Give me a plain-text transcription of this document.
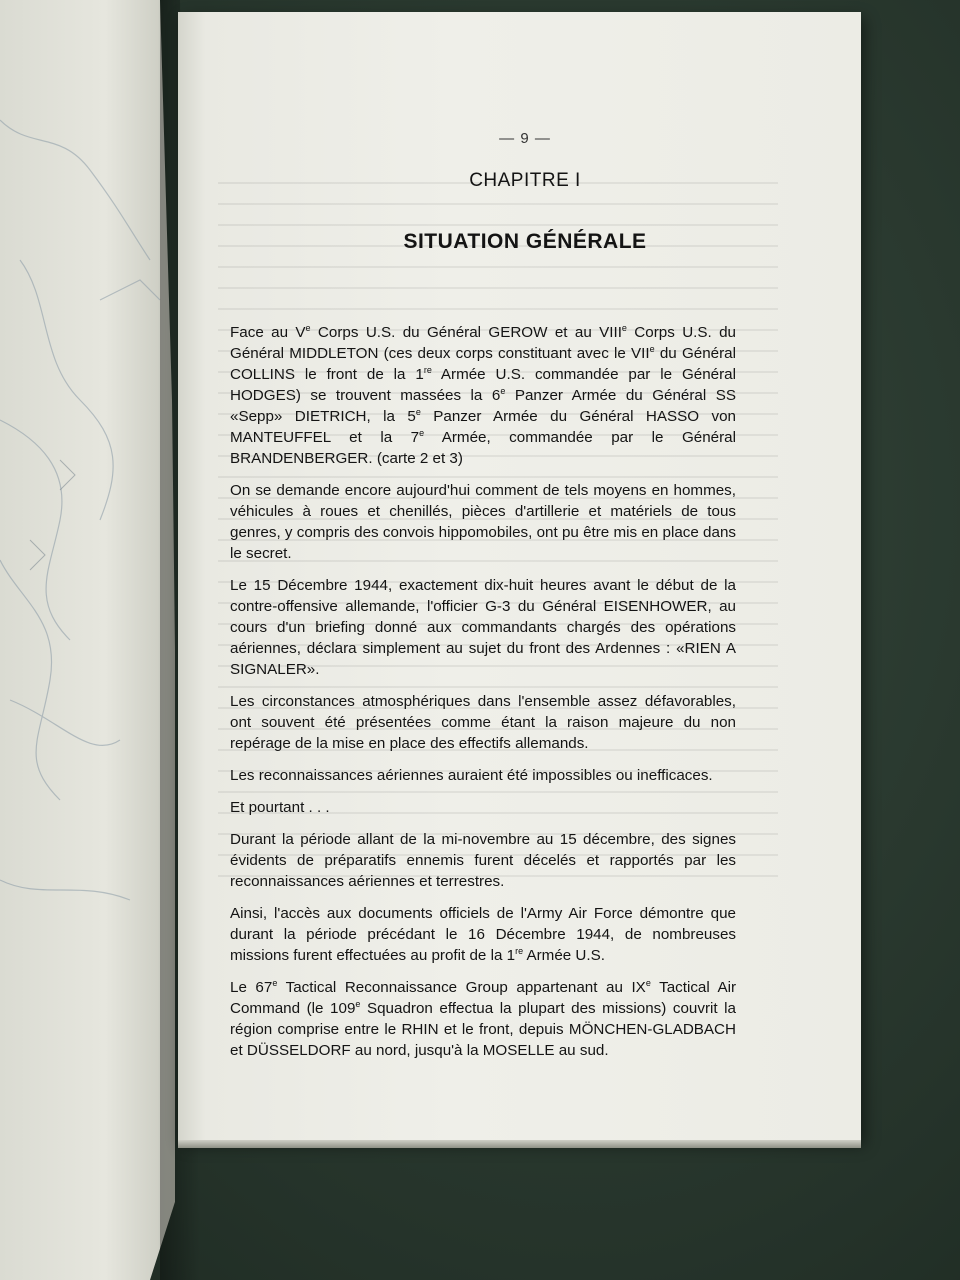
— 9 —
CHAPITRE I
SITUATION GÉNÉRALE

Face au Ve Corps U.S. du Général GEROW et au VIIIe Corps U.S. du Général MIDDLETON (ces deux corps constituant avec le VIIe du Général COLLINS le front de la 1re Armée U.S. commandée par le Général HODGES) se trouvent massées la 6e Panzer Armée du Général SS «Sepp» DIETRICH, la 5e Panzer Armée du Général HASSO von MANTEUFFEL et la 7e Armée, commandée par le Général BRANDENBERGER. (carte 2 et 3)

On se demande encore aujourd'hui comment de tels moyens en hommes, véhicules à roues et chenillés, pièces d'artillerie et matériels de tous genres, y compris des convois hippomobiles, ont pu être mis en place dans le secret.

Le 15 Décembre 1944, exactement dix-huit heures avant le début de la contre-offensive allemande, l'officier G-3 du Général EISENHOWER, au cours d'un briefing donné aux commandants chargés des opérations aériennes, déclara simplement au sujet du front des Ardennes : «RIEN A SIGNALER».

Les circonstances atmosphériques dans l'ensemble assez défavorables, ont souvent été présentées comme étant la raison majeure du non repérage de la mise en place des effectifs allemands.

Les reconnaissances aériennes auraient été impossibles ou inefficaces.

Et pourtant . . .

Durant la période allant de la mi-novembre au 15 décembre, des signes évidents de préparatifs ennemis furent décelés et rapportés par les reconnaissances aériennes et terrestres.

Ainsi, l'accès aux documents officiels de l'Army Air Force démontre que durant la période précédant le 16 Décembre 1944, de nombreuses missions furent effectuées au profit de la 1re Armée U.S.

Le 67e Tactical Reconnaissance Group appartenant au IXe Tactical Air Command (le 109e Squadron effectua la plupart des missions) couvrit la région comprise entre le RHIN et le front, depuis MÖNCHEN-GLADBACH et DÜSSELDORF au nord, jusqu'à la MOSELLE au sud.
